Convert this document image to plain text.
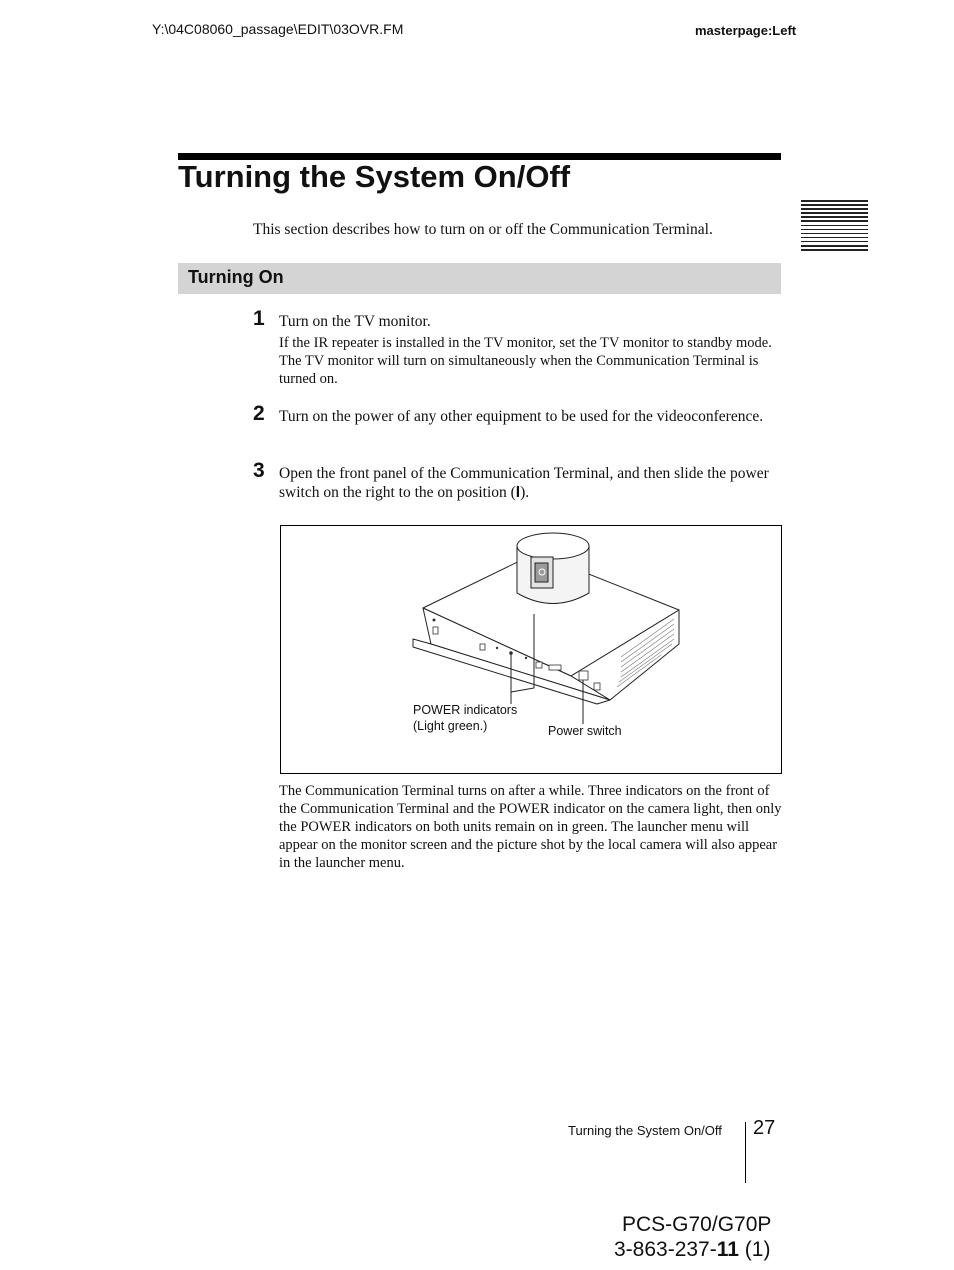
Y:\04C08060_passage\EDIT\03OVR.FM	masterpage:Left
Turning the System On/Off
This section describes how to turn on or off the Communication Terminal.
Turning On
1 Turn on the TV monitor.
If the IR repeater is installed in the TV monitor, set the TV monitor to standby mode. The TV monitor will turn on simultaneously when the Communication Terminal is turned on.
2 Turn on the power of any other equipment to be used for the videoconference.
3 Open the front panel of the Communication Terminal, and then slide the power switch on the right to the on position (I).
POWER indicators
(Light green.)	Power switch
The Communication Terminal turns on after a while. Three indicators on the front of the Communication Terminal and the POWER indicator on the camera light, then only the POWER indicators on both units remain on in green. The launcher menu will appear on the monitor screen and the picture shot by the local camera will also appear in the launcher menu.
Turning the System On/Off 27
PCS-G70/G70P
3-863-237-11 (1)
